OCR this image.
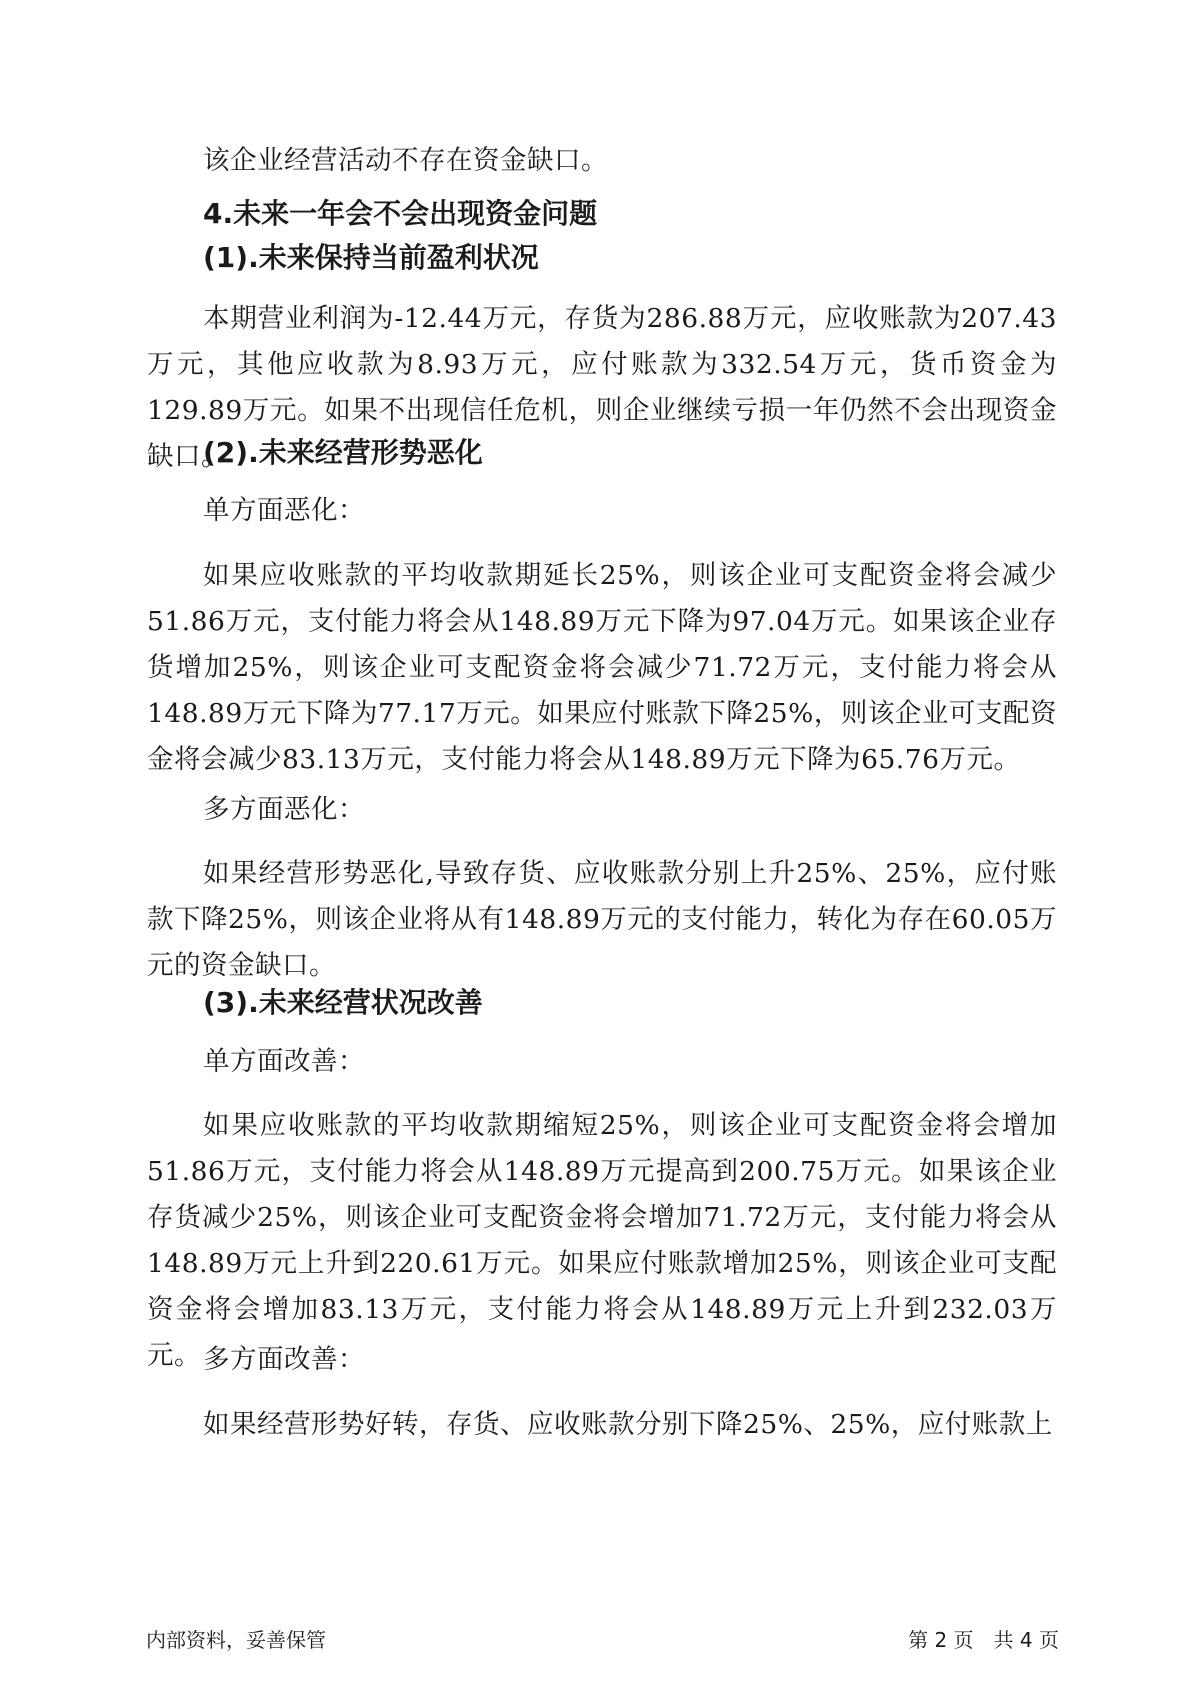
该企业经营活动不存在资金缺口。

4.未来一年会不会出现资金问题
(1).未来保持当前盈利状况

本期营业利润为-12.44万元，存货为286.88万元，应收账款为207.43万元，其他应收款为8.93万元，应付账款为332.54万元，货币资金为129.89万元。如果不出现信任危机，则企业继续亏损一年仍然不会出现资金缺口。

(2).未来经营形势恶化

单方面恶化：

如果应收账款的平均收款期延长25%，则该企业可支配资金将会减少51.86万元，支付能力将会从148.89万元下降为97.04万元。如果该企业存货增加25%，则该企业可支配资金将会减少71.72万元，支付能力将会从148.89万元下降为77.17万元。如果应付账款下降25%，则该企业可支配资金将会减少83.13万元，支付能力将会从148.89万元下降为65.76万元。

多方面恶化：

如果经营形势恶化,导致存货、应收账款分别上升25%、25%，应付账款下降25%，则该企业将从有148.89万元的支付能力，转化为存在60.05万元的资金缺口。

(3).未来经营状况改善

单方面改善：

如果应收账款的平均收款期缩短25%，则该企业可支配资金将会增加51.86万元，支付能力将会从148.89万元提高到200.75万元。如果该企业存货减少25%，则该企业可支配资金将会增加71.72万元，支付能力将会从148.89万元上升到220.61万元。如果应付账款增加25%，则该企业可支配资金将会增加83.13万元，支付能力将会从148.89万元上升到232.03万元。 多方面改善：

如果经营形势好转，存货、应收账款分别下降25%、25%，应付账款上

内部资料，妥善保管	第 2 页　共 4 页
